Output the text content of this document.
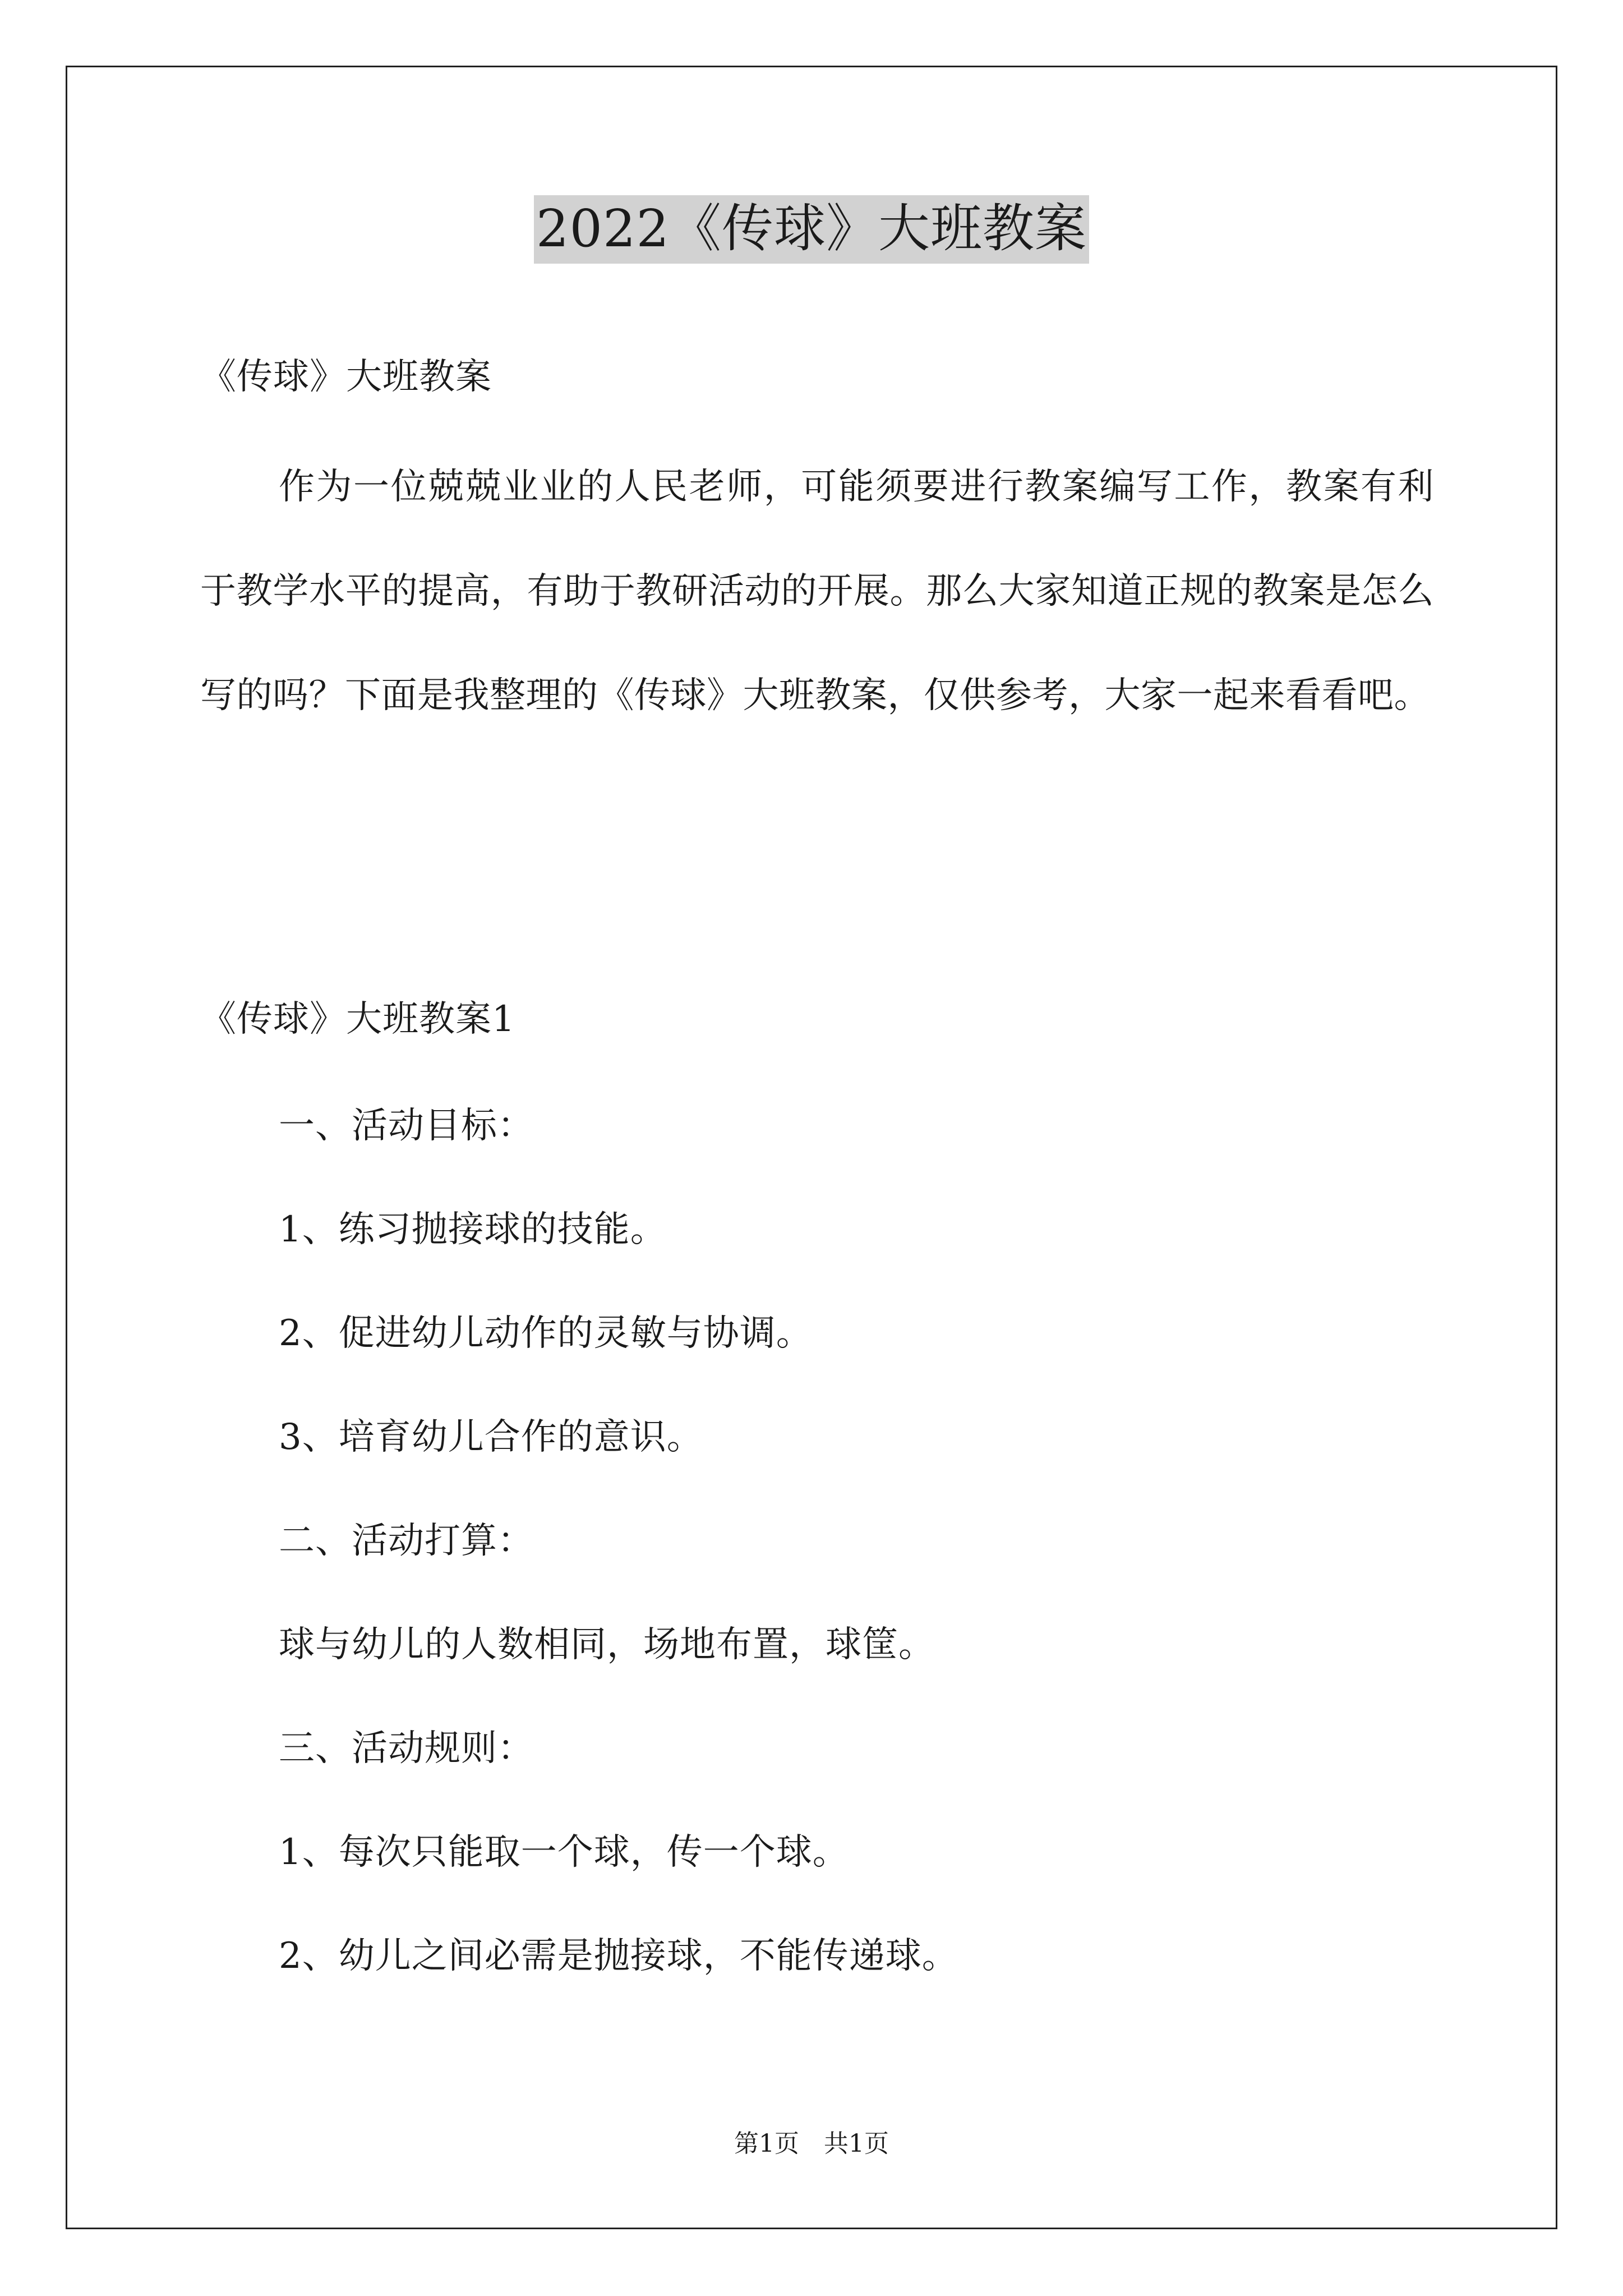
2022《传球》大班教案
《传球》大班教案
作为一位兢兢业业的人民老师，可能须要进行教案编写工作，教案有利于教学水平的提高，有助于教研活动的开展。那么大家知道正规的教案是怎么写的吗？下面是我整理的《传球》大班教案，仅供参考，大家一起来看看吧。
《传球》大班教案1
一、活动目标：
1、练习抛接球的技能。
2、促进幼儿动作的灵敏与协调。
3、培育幼儿合作的意识。
二、活动打算：
球与幼儿的人数相同，场地布置，球筐。
三、活动规则：
1、每次只能取一个球，传一个球。
2、幼儿之间必需是抛接球，不能传递球。
第1页　共1页
